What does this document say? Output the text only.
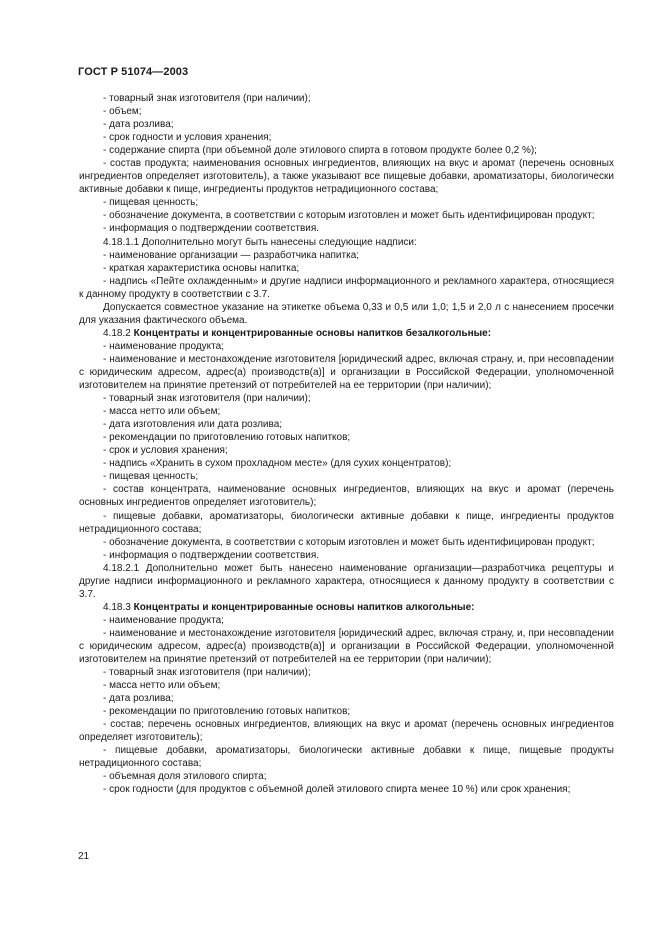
ГОСТ Р 51074—2003

- товарный знак изготовителя (при наличии);

- объем;

- дата розлива;

- срок годности и условия хранения;

- содержание спирта (при объемной доле этилового спирта в готовом продукте более 0,2 %);

- состав продукта; наименования основных ингредиентов, влияющих на вкус и аромат (перечень основных ингредиентов определяет изготовитель), а также указывают все пищевые добавки, ароматизаторы, биологически активные добавки к пище, ингредиенты продуктов нетрадиционного состава;

- пищевая ценность;

- обозначение документа, в соответствии с которым изготовлен и может быть идентифицирован продукт;

- информация о подтверждении соответствия.

4.18.1.1 Дополнительно могут быть нанесены следующие надписи:

- наименование организации — разработчика напитка;

- краткая характеристика основы напитка;

- надпись «Пейте охлажденным» и другие надписи информационного и рекламного характера, относящиеся к данному продукту в соответствии с 3.7.

Допускается совместное указание на этикетке объема 0,33 и 0,5 или 1,0; 1,5 и 2,0 л с нанесением просечки для указания фактического объема.

4.18.2 Концентраты и концентрированные основы напитков безалкогольные:

- наименование продукта;

- наименование и местонахождение изготовителя [юридический адрес, включая страну, и, при несовпадении с юридическим адресом, адрес(а) производств(а)] и организации в Российской Федерации, уполномоченной изготовителем на принятие претензий от потребителей на ее территории (при наличии);

- товарный знак изготовителя (при наличии);

- масса нетто или объем;

- дата изготовления или дата розлива;

- рекомендации по приготовлению готовых напитков;

- срок и условия хранения;

- надпись «Хранить в сухом прохладном месте» (для сухих концентратов);

- пищевая ценность;

- состав концентрата, наименование основных ингредиентов, влияющих на вкус и аромат (перечень основных ингредиентов определяет изготовитель);

- пищевые добавки, ароматизаторы, биологически активные добавки к пище, ингредиенты продуктов нетрадиционного состава;

- обозначение документа, в соответствии с которым изготовлен и может быть идентифицирован продукт;

- информация о подтверждении соответствия.

4.18.2.1 Дополнительно может быть нанесено наименование организации—разработчика рецептуры и другие надписи информационного и рекламного характера, относящиеся к данному продукту в соответствии с 3.7.

4.18.3 Концентраты и концентрированные основы напитков алкогольные:

- наименование продукта;

- наименование и местонахождение изготовителя [юридический адрес, включая страну, и, при несовпадении с юридическим адресом, адрес(а) производств(а)] и организации в Российской Федерации, уполномоченной изготовителем на принятие претензий от потребителей на ее территории (при наличии);

- товарный знак изготовителя (при наличии);

- масса нетто или объем;

- дата розлива;

- рекомендации по приготовлению готовых напитков;

- состав; перечень основных ингредиентов, влияющих на вкус и аромат (перечень основных ингредиентов определяет изготовитель);

- пищевые добавки, ароматизаторы, биологически активные добавки к пище, пищевые продукты нетрадиционного состава;

- объемная доля этилового спирта;

- срок годности (для продуктов с объемной долей этилового спирта менее 10 %) или срок хранения;

21
